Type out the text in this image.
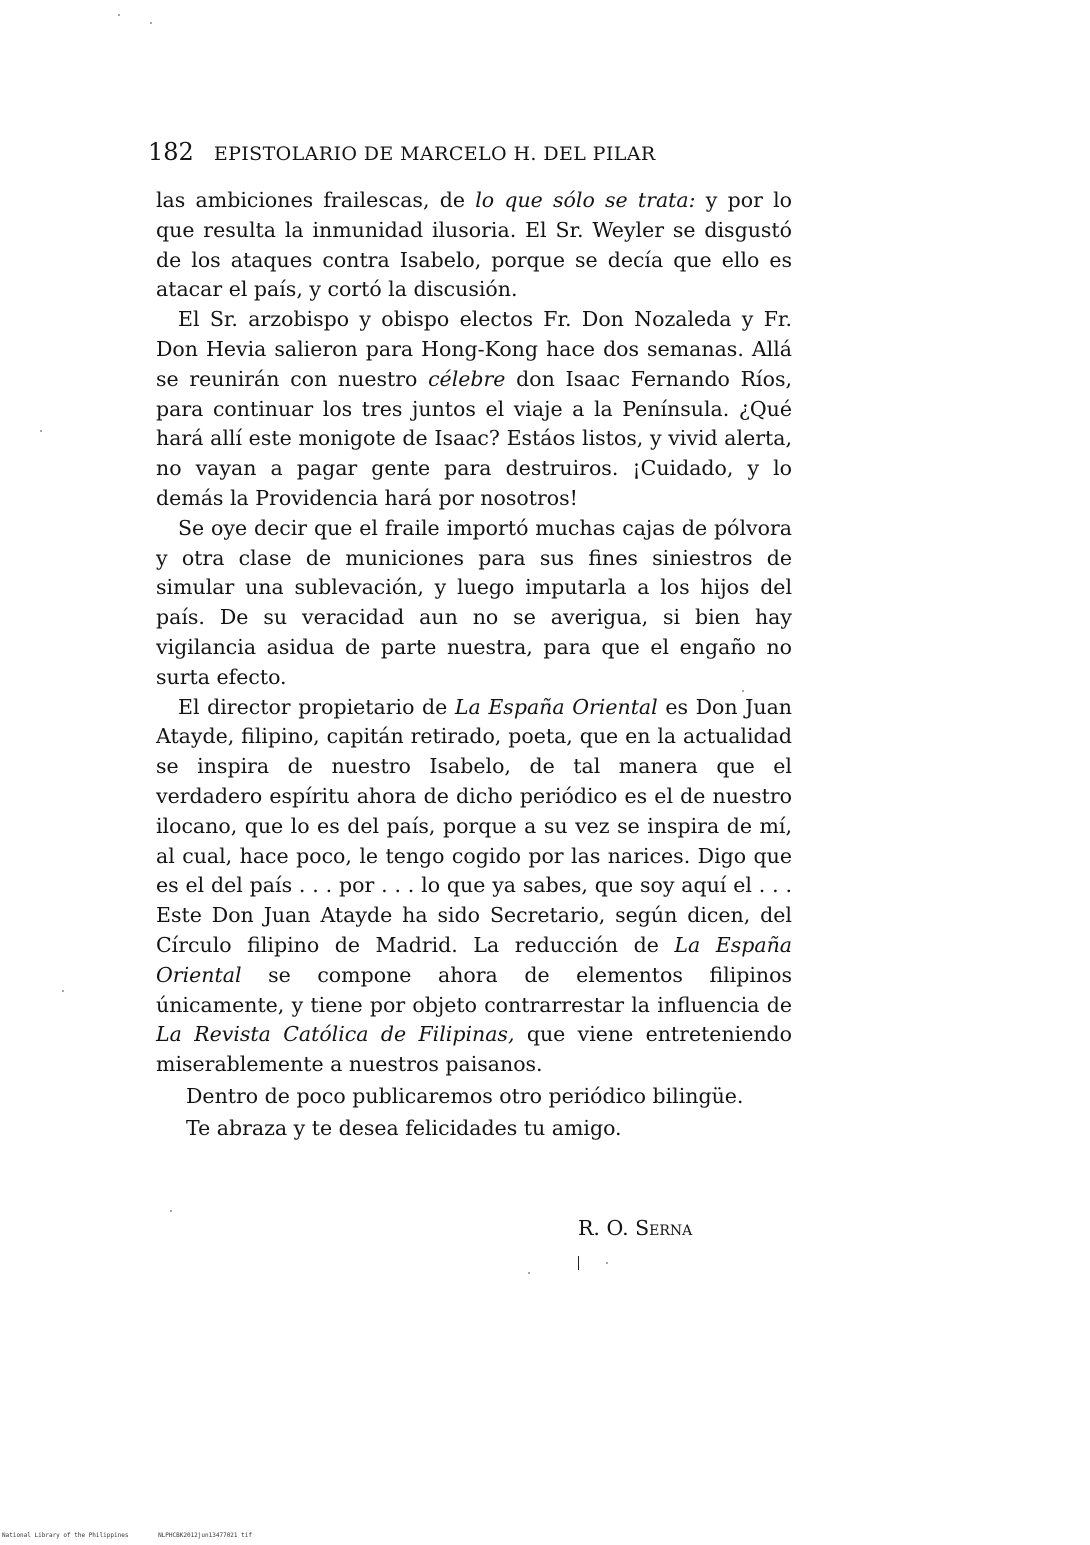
182 EPISTOLARIO DE MARCELO H. DEL PILAR

las ambiciones frailescas, de lo que sólo se trata: y por lo que resulta la inmunidad ilusoria. El Sr. Weyler se disgustó de los ataques contra Isabelo, porque se decía que ello es atacar el país, y cortó la discusión.

El Sr. arzobispo y obispo electos Fr. Don Nozaleda y Fr. Don Hevia salieron para Hong-Kong hace dos semanas. Allá se reunirán con nuestro célebre don Isaac Fernando Ríos, para continuar los tres juntos el viaje a la Península. ¿Qué hará allí este monigote de Isaac? Estáos listos, y vivid alerta, no vayan a pagar gente para destruiros. ¡Cuidado, y lo demás la Providencia hará por nosotros!

Se oye decir que el fraile importó muchas cajas de pólvora y otra clase de municiones para sus fines siniestros de simular una sublevación, y luego imputarla a los hijos del país. De su veracidad aun no se averigua, si bien hay vigilancia asidua de parte nuestra, para que el engaño no surta efecto.

El director propietario de La España Oriental es Don Juan Atayde, filipino, capitán retirado, poeta, que en la actualidad se inspira de nuestro Isabelo, de tal manera que el verdadero espíritu ahora de dicho periódico es el de nuestro ilocano, que lo es del país, porque a su vez se inspira de mí, al cual, hace poco, le tengo cogido por las narices. Digo que es el del país . . . por . . . lo que ya sabes, que soy aquí el . . . Este Don Juan Atayde ha sido Secretario, según dicen, del Círculo filipino de Madrid. La reducción de La España Oriental se compone ahora de elementos filipinos únicamente, y tiene por objeto contrarrestar la influencia de La Revista Católica de Filipinas, que viene entreteniendo miserablemente a nuestros paisanos.

Dentro de poco publicaremos otro periódico bilingüe.

Te abraza y te desea felicidades tu amigo.

R. O. Serna
National Library of the Philippines	NLPHCBK2012jun13477021 tif
